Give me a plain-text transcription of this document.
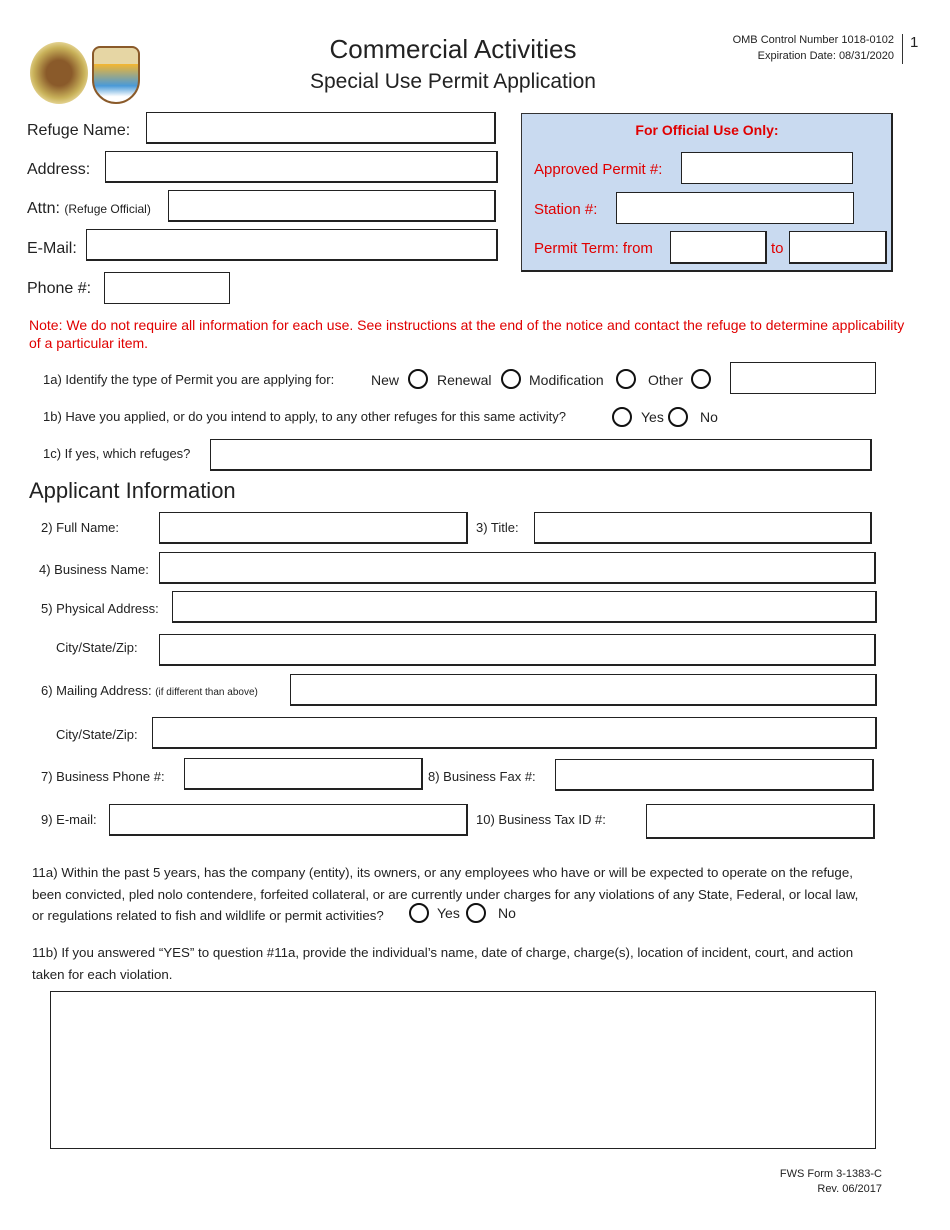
Commercial Activities
Special Use Permit Application
OMB Control Number 1018-0102
Expiration Date: 08/31/2020
1
Refuge Name:
Address:
Attn: (Refuge Official)
E-Mail:
Phone #:
For Official Use Only:
Approved Permit #:
Station #:
Permit Term: from	to
Note: We do not require all information for each use. See instructions at the end of the notice and contact the refuge to determine applicability of a particular item.
1a) Identify the type of Permit you are applying for:	New	Renewal	Modification	Other
1b) Have you applied, or do you intend to apply, to any other refuges for this same activity?	Yes	No
1c) If yes, which refuges?
Applicant Information
2) Full Name:	3) Title:
4) Business Name:
5) Physical Address:
City/State/Zip:
6) Mailing Address: (if different than above)
City/State/Zip:
7) Business Phone #:	8) Business Fax #:
9) E-mail:	10) Business Tax ID #:
11a) Within the past 5 years, has the company (entity), its owners, or any employees who have or will be expected to operate on the refuge,
been convicted, pled nolo contendere, forfeited collateral, or are currently under charges for any violations of any State, Federal, or local law,
or regulations related to fish and wildlife or permit activities?	Yes	No
11b) If you answered “YES” to question #11a, provide the individual’s name, date of charge, charge(s), location of incident, court, and action
taken for each violation.
FWS Form 3-1383-C
Rev. 06/2017
